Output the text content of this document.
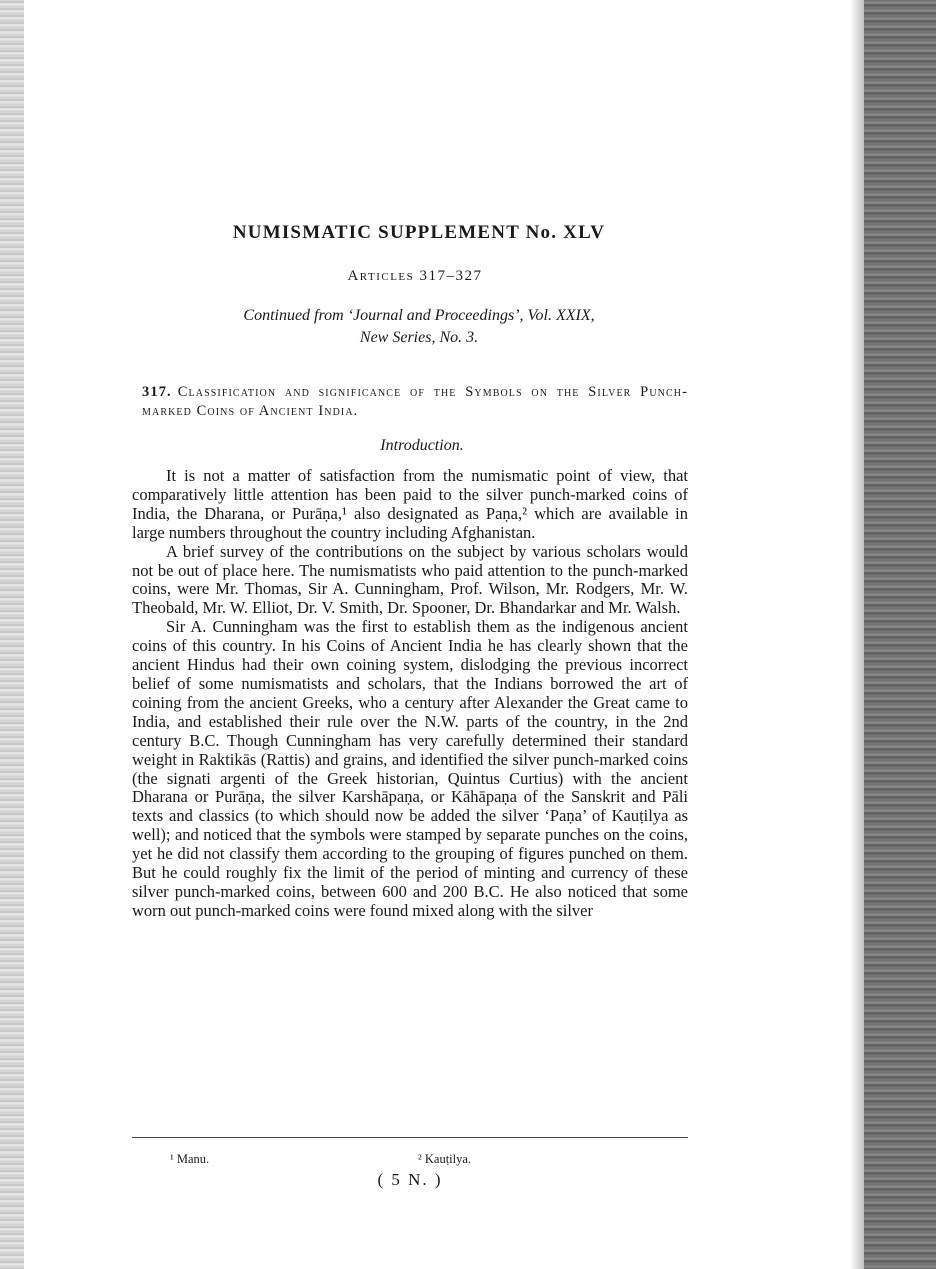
NUMISMATIC SUPPLEMENT No. XLV
Articles 317–327
Continued from ‘Journal and Proceedings’, Vol. XXIX,
New Series, No. 3.
317. Classification and significance of the Symbols on the Silver Punch-marked Coins of Ancient India.
Introduction.

It is not a matter of satisfaction from the numismatic point of view, that comparatively little attention has been paid to the silver punch-marked coins of India, the Dharana, or Purāṇa,¹ also designated as Paṇa,² which are available in large numbers throughout the country including Afghanistan.

A brief survey of the contributions on the subject by various scholars would not be out of place here. The numismatists who paid attention to the punch-marked coins, were Mr. Thomas, Sir A. Cunningham, Prof. Wilson, Mr. Rodgers, Mr. W. Theobald, Mr. W. Elliot, Dr. V. Smith, Dr. Spooner, Dr. Bhandarkar and Mr. Walsh.

Sir A. Cunningham was the first to establish them as the indigenous ancient coins of this country. In his Coins of Ancient India he has clearly shown that the ancient Hindus had their own coining system, dislodging the previous incorrect belief of some numismatists and scholars, that the Indians borrowed the art of coining from the ancient Greeks, who a century after Alexander the Great came to India, and established their rule over the N.W. parts of the country, in the 2nd century B.C. Though Cunningham has very carefully determined their standard weight in Raktikās (Rattis) and grains, and identified the silver punch-marked coins (the signati argenti of the Greek historian, Quintus Curtius) with the ancient Dharana or Purāṇa, the silver Karshāpaṇa, or Kāhāpaṇa of the Sanskrit and Pāli texts and classics (to which should now be added the silver ‘Paṇa’ of Kauṭilya as well); and noticed that the symbols were stamped by separate punches on the coins, yet he did not classify them according to the grouping of figures punched on them. But he could roughly fix the limit of the period of minting and currency of these silver punch-marked coins, between 600 and 200 B.C. He also noticed that some worn out punch-marked coins were found mixed along with the silver

¹ Manu.	² Kauṭilya.
( 5 N. )
